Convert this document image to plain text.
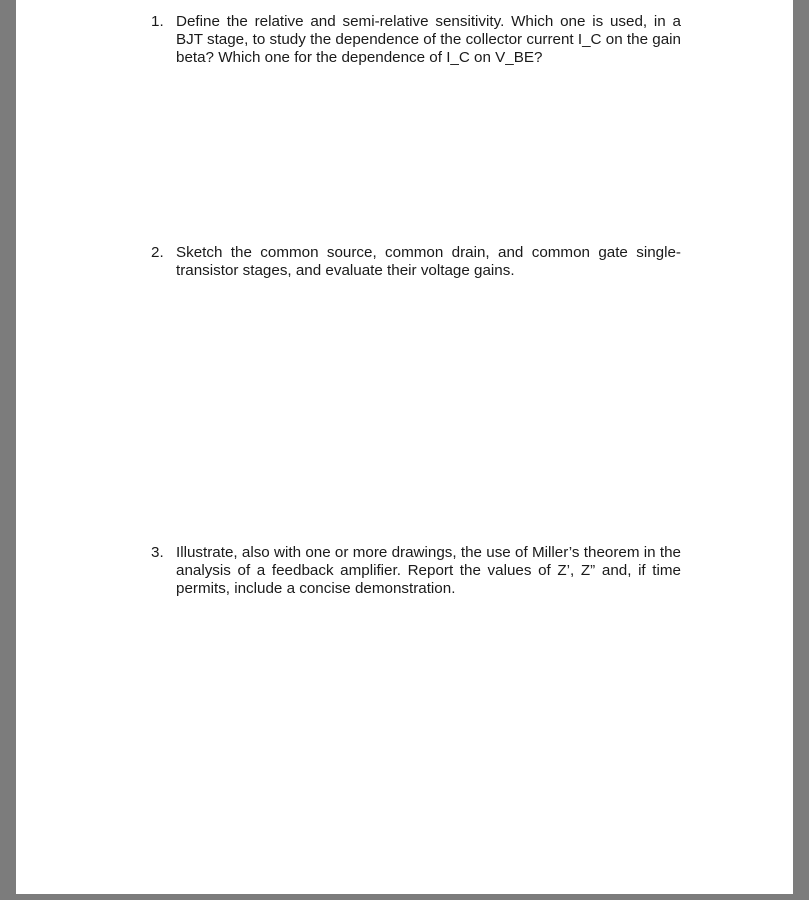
1. Define the relative and semi-relative sensitivity. Which one is used, in a BJT stage, to study the dependence of the collector current I_C on the gain beta? Which one for the dependence of I_C on V_BE?
2. Sketch the common source, common drain, and common gate single-transistor stages, and evaluate their voltage gains.
3. Illustrate, also with one or more drawings, the use of Miller’s theorem in the analysis of a feedback amplifier. Report the values of Z’, Z” and, if time permits, include a concise demonstration.
